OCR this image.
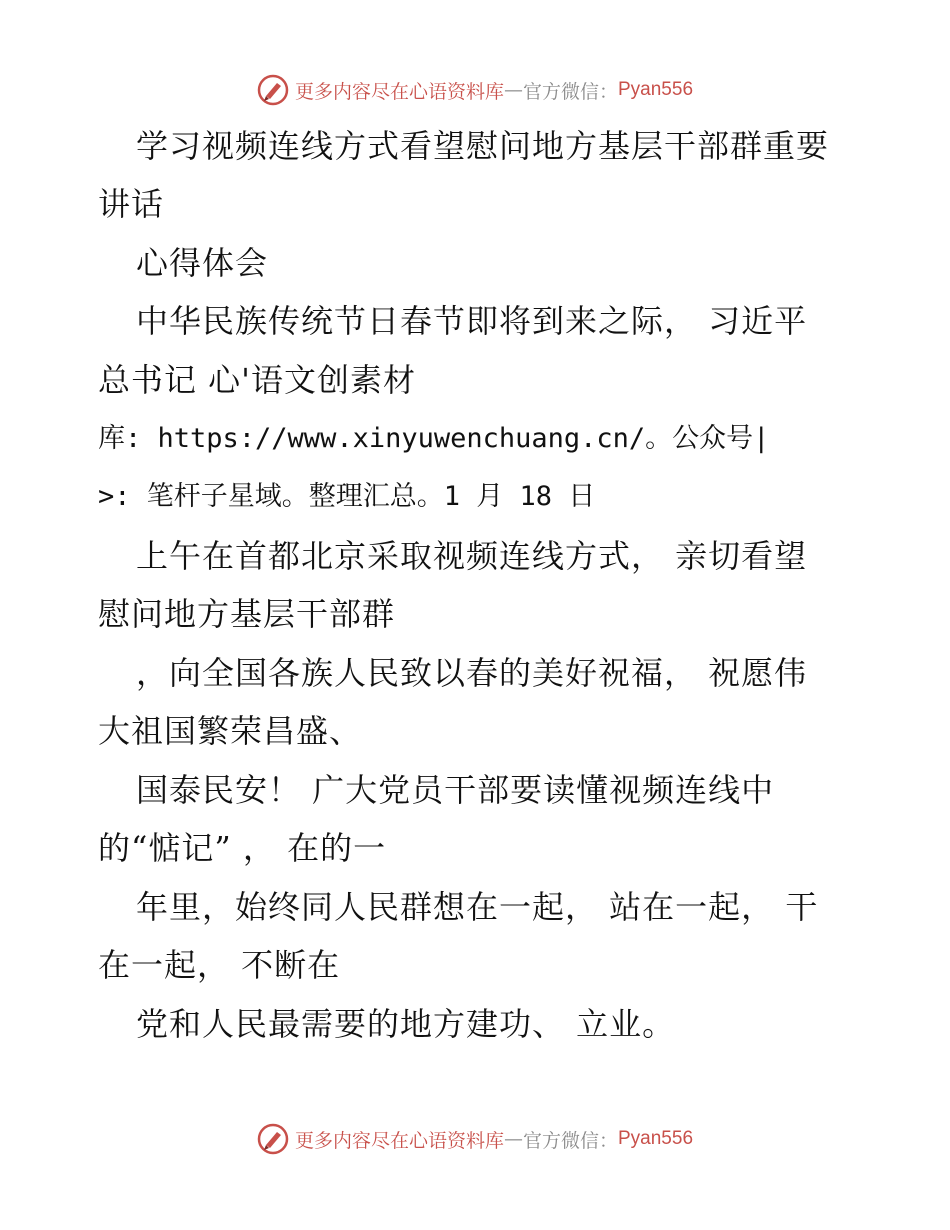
更多内容尽在心语资料库 — 官方微信： Pyan556
学习视频连线方式看望慰问地方基层干部群重要
讲话
心得体会
中华民族传统节日春节即将到来之际， 习近平
总书记 心'语文创素材
库: https://www.xinyuwenchuang.cn/。公众号|
>: 笔杆子星域。整理汇总。1 月 18 日
上午在首都北京采取视频连线方式， 亲切看望
慰问地方基层干部群
，向全国各族人民致以春的美好祝福， 祝愿伟
大祖国繁荣昌盛、
国泰民安！ 广大党员干部要读懂视频连线中
的“惦记” ， 在的一
年里，始终同人民群想在一起， 站在一起， 干
在一起， 不断在
党和人民最需要的地方建功、 立业。
更多内容尽在心语资料库 — 官方微信： Pyan556
